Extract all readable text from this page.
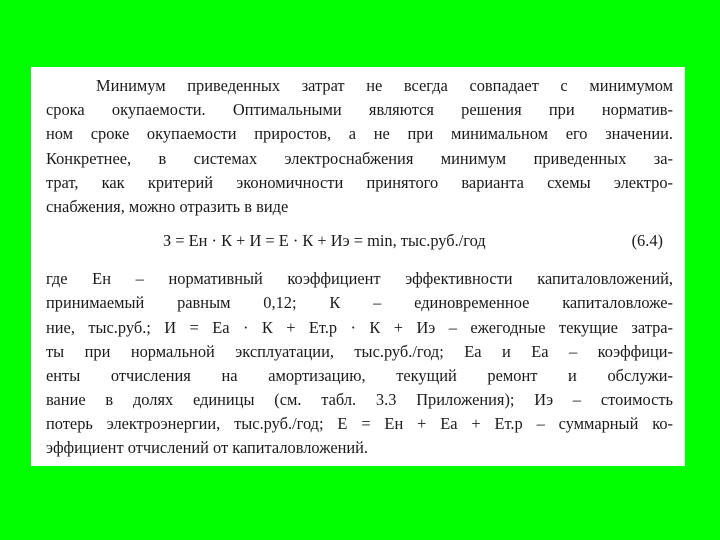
Минимум приведенных затрат не всегда совпадает с минимумом
срока окупаемости. Оптимальными являются решения при норматив-
ном сроке окупаемости приростов, а не при минимальном его значении.
Конкретнее, в системах электроснабжения минимум приведенных за-
трат, как критерий экономичности принятого варианта схемы электро-
снабжения, можно отразить в виде
З = Eн · К + И = Е · К + Иэ = min, тыс.руб./год	(6.4)
где Eн – нормативный коэффициент эффективности капиталовложений,
принимаемый равным 0,12; К – единовременное капиталовложе-
ние, тыс.руб.; И = Еа · К + Ет.р · К + Иэ – ежегодные текущие затра-
ты при нормальной эксплуатации, тыс.руб./год; Еа и Еа – коэффици-
енты отчисления на амортизацию, текущий ремонт и обслужи-
вание в долях единицы (см. табл. 3.3 Приложения); Иэ – стоимость
потерь электроэнергии, тыс.руб./год; Е = Ен + Еа + Ет.р – суммарный ко-
эффициент отчислений от капиталовложений.
